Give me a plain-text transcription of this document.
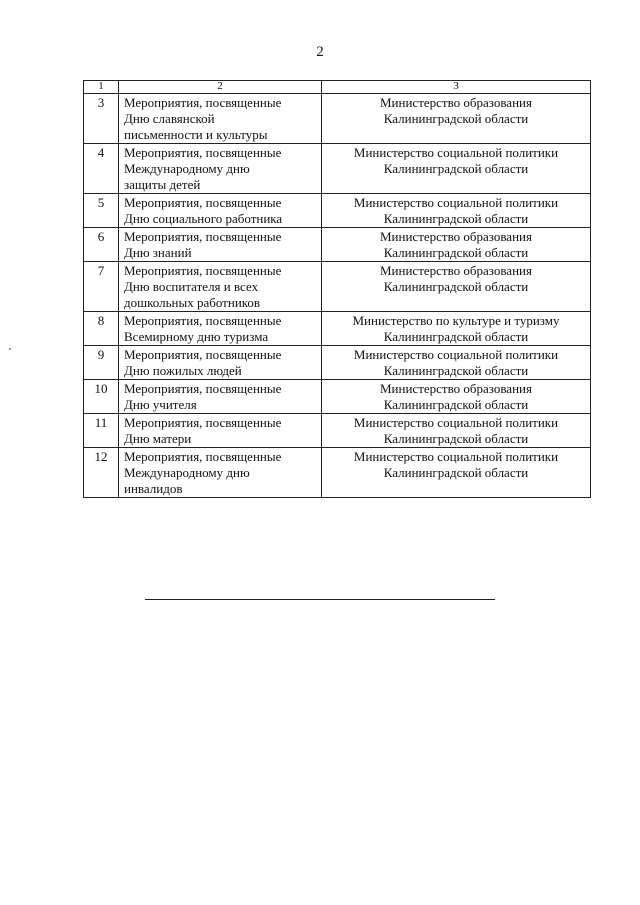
2
1	2	3
3	Мероприятия, посвященные
Дню славянской
письменности и культуры	Министерство образования
Калининградской области

4	Мероприятия, посвященные
Международному дню
защиты детей	Министерство социальной политики
Калининградской области

5	Мероприятия, посвященные
Дню социального работника	Министерство социальной политики
Калининградской области

6	Мероприятия, посвященные
Дню знаний	Министерство образования
Калининградской области

7	Мероприятия, посвященные
Дню воспитателя и всех
дошкольных работников	Министерство образования
Калининградской области

8	Мероприятия, посвященные
Всемирному дню туризма	Министерство по культуре и туризму
Калининградской области

9	Мероприятия, посвященные
Дню пожилых людей	Министерство социальной политики
Калининградской области

10	Мероприятия, посвященные
Дню учителя	Министерство образования
Калининградской области

11	Мероприятия, посвященные
Дню матери	Министерство социальной политики
Калининградской области

12	Мероприятия, посвященные
Международному дню
инвалидов	Министерство социальной политики
Калининградской области
